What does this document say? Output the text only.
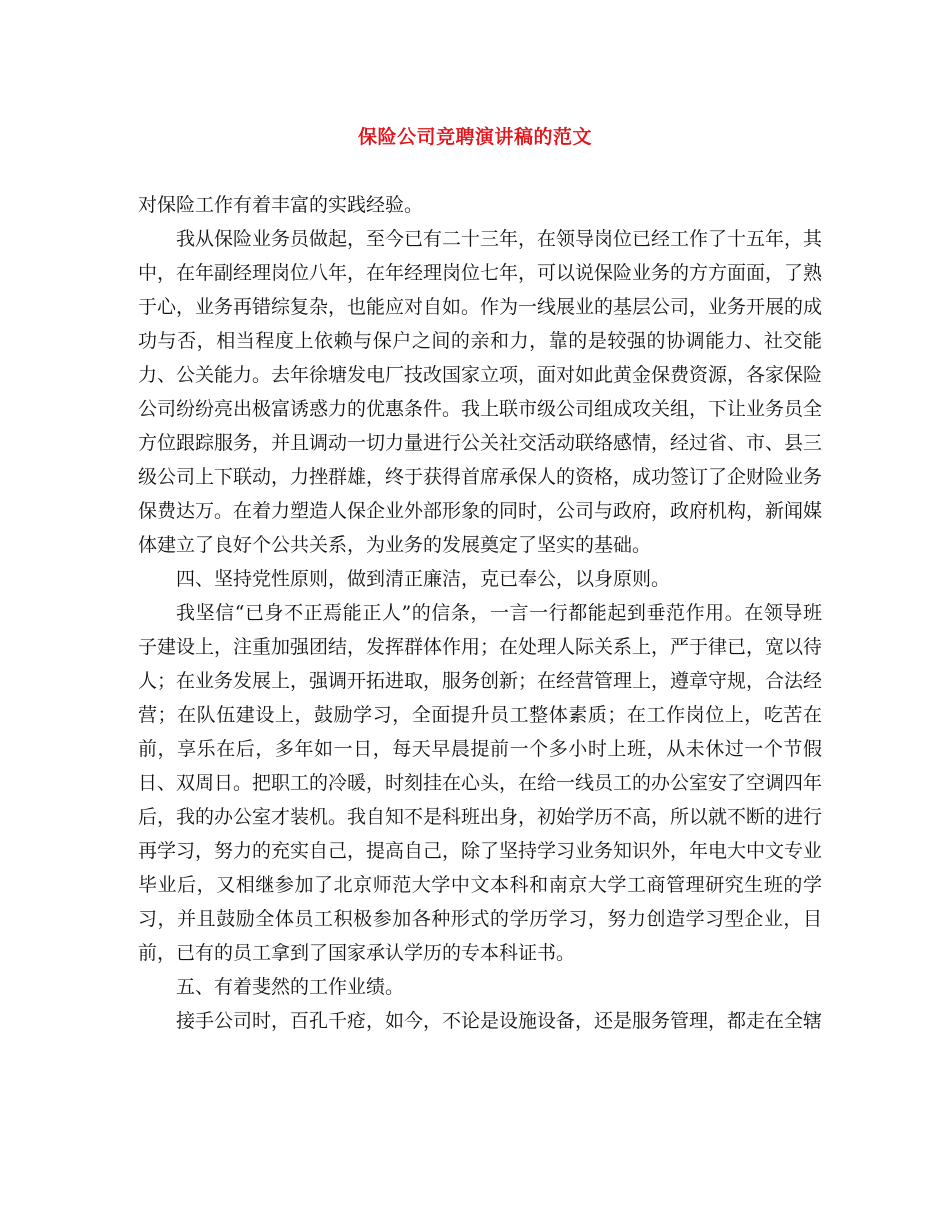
保险公司竞聘演讲稿的范文

对保险工作有着丰富的实践经验。

我从保险业务员做起，至今已有二十三年，在领导岗位已经工作了十五年，其中，在年副经理岗位八年，在年经理岗位七年，可以说保险业务的方方面面，了熟于心，业务再错综复杂，也能应对自如。作为一线展业的基层公司，业务开展的成功与否，相当程度上依赖与保户之间的亲和力，靠的是较强的协调能力、社交能力、公关能力。去年徐塘发电厂技改国家立项，面对如此黄金保费资源，各家保险公司纷纷亮出极富诱惑力的优惠条件。我上联市级公司组成攻关组，下让业务员全方位跟踪服务，并且调动一切力量进行公关社交活动联络感情，经过省、市、县三级公司上下联动，力挫群雄，终于获得首席承保人的资格，成功签订了企财险业务保费达万。在着力塑造人保企业外部形象的同时，公司与政府，政府机构，新闻媒体建立了良好个公共关系，为业务的发展奠定了坚实的基础。

四、坚持党性原则，做到清正廉洁，克已奉公，以身原则。

我坚信“已身不正焉能正人”的信条，一言一行都能起到垂范作用。在领导班子建设上，注重加强团结，发挥群体作用；在处理人际关系上，严于律已，宽以待人；在业务发展上，强调开拓进取，服务创新；在经营管理上，遵章守规，合法经营；在队伍建设上，鼓励学习，全面提升员工整体素质；在工作岗位上，吃苦在前，享乐在后，多年如一日，每天早晨提前一个多小时上班，从未休过一个节假日、双周日。把职工的冷暖，时刻挂在心头，在给一线员工的办公室安了空调四年后，我的办公室才装机。我自知不是科班出身，初始学历不高，所以就不断的进行再学习，努力的充实自己，提高自己，除了坚持学习业务知识外，年电大中文专业毕业后，又相继参加了北京师范大学中文本科和南京大学工商管理研究生班的学习，并且鼓励全体员工积极参加各种形式的学历学习，努力创造学习型企业，目前，已有的员工拿到了国家承认学历的专本科证书。

五、有着斐然的工作业绩。

接手公司时，百孔千疮，如今，不论是设施设备，还是服务管理，都走在全辖
